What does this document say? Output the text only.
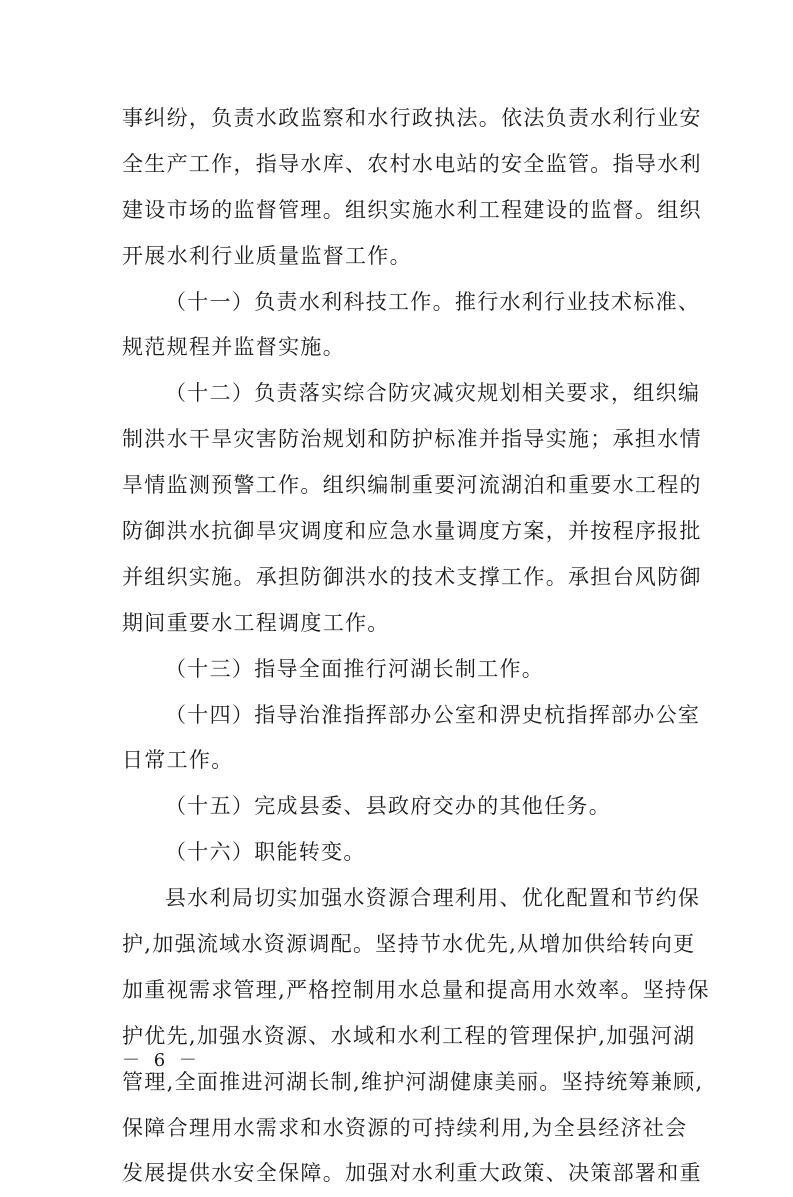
事纠纷，负责水政监察和水行政执法。依法负责水利行业安
全生产工作，指导水库、农村水电站的安全监管。指导水利
建设市场的监督管理。组织实施水利工程建设的监督。组织
开展水利行业质量监督工作。
（十一）负责水利科技工作。推行水利行业技术标准、
规范规程并监督实施。
（十二）负责落实综合防灾减灾规划相关要求，组织编
制洪水干旱灾害防治规划和防护标准并指导实施；承担水情
旱情监测预警工作。组织编制重要河流湖泊和重要水工程的
防御洪水抗御旱灾调度和应急水量调度方案，并按程序报批
并组织实施。承担防御洪水的技术支撑工作。承担台风防御
期间重要水工程调度工作。
（十三）指导全面推行河湖长制工作。
（十四）指导治淮指挥部办公室和淠史杭指挥部办公室
日常工作。
（十五）完成县委、县政府交办的其他任务。
（十六）职能转变。
县水利局切实加强水资源合理利用、优化配置和节约保
护,加强流域水资源调配。坚持节水优先,从增加供给转向更
加重视需求管理,严格控制用水总量和提高用水效率。坚持保
护优先,加强水资源、水域和水利工程的管理保护,加强河湖
管理,全面推进河湖长制,维护河湖健康美丽。坚持统筹兼顾,
保障合理用水需求和水资源的可持续利用,为全县经济社会
发展提供水安全保障。加强对水利重大政策、决策部署和重
－ 6 －
